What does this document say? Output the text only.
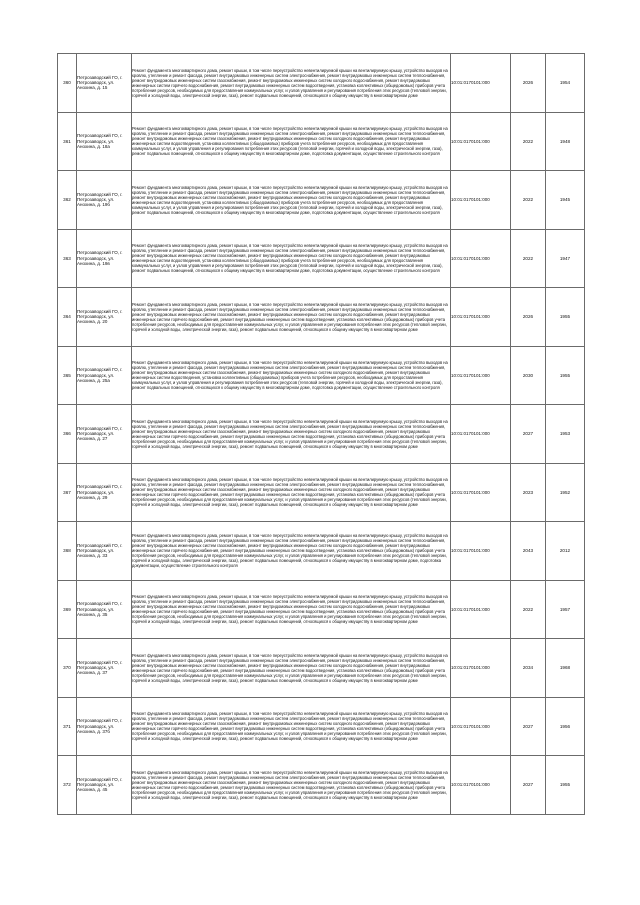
360	Петрозаводский ГО, г. Петрозаводск, ул. Анохина, д. 15	Ремонт фундамента многоквартирного дома, ремонт крыши, в том числе переустройство невентилируемой крыши на вентилируемую крышу, устройство выходов на кровлю, утепление и ремонт фасада, ремонт внутридомовых инженерных систем электроснабжения, ремонт внутридомовых инженерных систем теплоснабжения, ремонт внутридомовых инженерных систем газоснабжения, ремонт внутридомовых инженерных систем холодного водоснабжения, ремонт внутридомовых инженерных систем горячего водоснабжения, ремонт внутридомовых инженерных систем водоотведения, установка коллективных (общедомовых) приборов учета потребления ресурсов, необходимых для предоставления коммунальных услуг, и узлов управления и регулирования потребления этих ресурсов (тепловой энергии, горячей и холодной воды, электрической энергии, газа), ремонт подвальных помещений, относящихся к общему имуществу в многоквартирном доме	10:01:0170101:000	2026	1954
361	Петрозаводский ГО, г. Петрозаводск, ул. Анохина, д. 18а	Ремонт фундамента многоквартирного дома, ремонт крыши, в том числе переустройство невентилируемой крыши на вентилируемую крышу, устройство выходов на кровлю, утепление и ремонт фасада, ремонт внутридомовых инженерных систем электроснабжения, ремонт внутридомовых инженерных систем теплоснабжения, ремонт внутридомовых инженерных систем газоснабжения, ремонт внутридомовых инженерных систем холодного водоснабжения, ремонт внутридомовых инженерных систем водоотведения, установка коллективных (общедомовых) приборов учета потребления ресурсов, необходимых для предоставления коммунальных услуг, и узлов управления и регулирования потребления этих ресурсов (тепловой энергии, горячей и холодной воды, электрической энергии, газа), ремонт подвальных помещений, относящихся к общему имуществу в многоквартирном доме, подготовка документации, осуществление строительного контроля	10:01:0170101:000	2022	1948
362	Петрозаводский ГО, г. Петрозаводск, ул. Анохина, д. 19б	Ремонт фундамента многоквартирного дома, ремонт крыши, в том числе переустройство невентилируемой крыши на вентилируемую крышу, устройство выходов на кровлю, утепление и ремонт фасада, ремонт внутридомовых инженерных систем электроснабжения, ремонт внутридомовых инженерных систем теплоснабжения, ремонт внутридомовых инженерных систем газоснабжения, ремонт внутридомовых инженерных систем холодного водоснабжения, ремонт внутридомовых инженерных систем водоотведения, установка коллективных (общедомовых) приборов учета потребления ресурсов, необходимых для предоставления коммунальных услуг, и узлов управления и регулирования потребления этих ресурсов (тепловой энергии, горячей и холодной воды, электрической энергии, газа), ремонт подвальных помещений, относящихся к общему имуществу в многоквартирном доме, подготовка документации, осуществление строительного контроля	10:01:0170101:000	2022	1945
363	Петрозаводский ГО, г. Петрозаводск, ул. Анохина, д. 19в	Ремонт фундамента многоквартирного дома, ремонт крыши, в том числе переустройство невентилируемой крыши на вентилируемую крышу, устройство выходов на кровлю, утепление и ремонт фасада, ремонт внутридомовых инженерных систем электроснабжения, ремонт внутридомовых инженерных систем теплоснабжения, ремонт внутридомовых инженерных систем газоснабжения, ремонт внутридомовых инженерных систем холодного водоснабжения, ремонт внутридомовых инженерных систем водоотведения, установка коллективных (общедомовых) приборов учета потребления ресурсов, необходимых для предоставления коммунальных услуг, и узлов управления и регулирования потребления этих ресурсов (тепловой энергии, горячей и холодной воды, электрической энергии, газа), ремонт подвальных помещений, относящихся к общему имуществу в многоквартирном доме, подготовка документации, осуществление строительного контроля	10:01:0170101:000	2022	1947
364	Петрозаводский ГО, г. Петрозаводск, ул. Анохина, д. 20	Ремонт фундамента многоквартирного дома, ремонт крыши, в том числе переустройство невентилируемой крыши на вентилируемую крышу, устройство выходов на кровлю, утепление и ремонт фасада, ремонт внутридомовых инженерных систем электроснабжения, ремонт внутридомовых инженерных систем теплоснабжения, ремонт внутридомовых инженерных систем газоснабжения, ремонт внутридомовых инженерных систем холодного водоснабжения, ремонт внутридомовых инженерных систем горячего водоснабжения, ремонт внутридомовых инженерных систем водоотведения, установка коллективных (общедомовых) приборов учета потребления ресурсов, необходимых для предоставления коммунальных услуг, и узлов управления и регулирования потребления этих ресурсов (тепловой энергии, горячей и холодной воды, электрической энергии, газа), ремонт подвальных помещений, относящихся к общему имуществу в многоквартирном доме	10:01:0170101:000	2026	1955
365	Петрозаводский ГО, г. Петрозаводск, ул. Анохина, д. 25а	Ремонт фундамента многоквартирного дома, ремонт крыши, в том числе переустройство невентилируемой крыши на вентилируемую крышу, устройство выходов на кровлю, утепление и ремонт фасада, ремонт внутридомовых инженерных систем электроснабжения, ремонт внутридомовых инженерных систем теплоснабжения, ремонт внутридомовых инженерных систем газоснабжения, ремонт внутридомовых инженерных систем холодного водоснабжения, ремонт внутридомовых инженерных систем водоотведения, установка коллективных (общедомовых) приборов учета потребления ресурсов, необходимых для предоставления коммунальных услуг, и узлов управления и регулирования потребления этих ресурсов (тепловой энергии, горячей и холодной воды, электрической энергии, газа), ремонт подвальных помещений, относящихся к общему имуществу в многоквартирном доме, подготовка документации, осуществление строительного контроля	10:01:0170101:000	2030	1955
366	Петрозаводский ГО, г. Петрозаводск, ул. Анохина, д. 27	Ремонт фундамента многоквартирного дома, ремонт крыши, в том числе переустройство невентилируемой крыши на вентилируемую крышу, устройство выходов на кровлю, утепление и ремонт фасада, ремонт внутридомовых инженерных систем электроснабжения, ремонт внутридомовых инженерных систем теплоснабжения, ремонт внутридомовых инженерных систем газоснабжения, ремонт внутридомовых инженерных систем холодного водоснабжения, ремонт внутридомовых инженерных систем горячего водоснабжения, ремонт внутридомовых инженерных систем водоотведения, установка коллективных (общедомовых) приборов учета потребления ресурсов, необходимых для предоставления коммунальных услуг, и узлов управления и регулирования потребления этих ресурсов (тепловой энергии, горячей и холодной воды, электрической энергии, газа), ремонт подвальных помещений, относящихся к общему имуществу в многоквартирном доме	10:01:0170101:000	2027	1953
367	Петрозаводский ГО, г. Петрозаводск, ул. Анохина, д. 29	Ремонт фундамента многоквартирного дома, ремонт крыши, в том числе переустройство невентилируемой крыши на вентилируемую крышу, устройство выходов на кровлю, утепление и ремонт фасада, ремонт внутридомовых инженерных систем электроснабжения, ремонт внутридомовых инженерных систем теплоснабжения, ремонт внутридомовых инженерных систем газоснабжения, ремонт внутридомовых инженерных систем холодного водоснабжения, ремонт внутридомовых инженерных систем горячего водоснабжения, ремонт внутридомовых инженерных систем водоотведения, установка коллективных (общедомовых) приборов учета потребления ресурсов, необходимых для предоставления коммунальных услуг, и узлов управления и регулирования потребления этих ресурсов (тепловой энергии, горячей и холодной воды, электрической энергии, газа), ремонт подвальных помещений, относящихся к общему имуществу в многоквартирном доме	10:01:0170101:000	2023	1952
368	Петрозаводский ГО, г. Петрозаводск, ул. Анохина, д. 33	Ремонт фундамента многоквартирного дома, ремонт крыши, в том числе переустройство невентилируемой крыши на вентилируемую крышу, устройство выходов на кровлю, утепление и ремонт фасада, ремонт внутридомовых инженерных систем электроснабжения, ремонт внутридомовых инженерных систем теплоснабжения, ремонт внутридомовых инженерных систем газоснабжения, ремонт внутридомовых инженерных систем холодного водоснабжения, ремонт внутридомовых инженерных систем горячего водоснабжения, ремонт внутридомовых инженерных систем водоотведения, установка коллективных (общедомовых) приборов учета потребления ресурсов, необходимых для предоставления коммунальных услуг, и узлов управления и регулирования потребления этих ресурсов (тепловой энергии, горячей и холодной воды, электрической энергии, газа), ремонт подвальных помещений, относящихся к общему имуществу в многоквартирном доме, подготовка документации, осуществление строительного контроля	10:01:0170101:000	2043	2012
369	Петрозаводский ГО, г. Петрозаводск, ул. Анохина, д. 35	Ремонт фундамента многоквартирного дома, ремонт крыши, в том числе переустройство невентилируемой крыши на вентилируемую крышу, устройство выходов на кровлю, утепление и ремонт фасада, ремонт внутридомовых инженерных систем электроснабжения, ремонт внутридомовых инженерных систем теплоснабжения, ремонт внутридомовых инженерных систем газоснабжения, ремонт внутридомовых инженерных систем холодного водоснабжения, ремонт внутридомовых инженерных систем горячего водоснабжения, ремонт внутридомовых инженерных систем водоотведения, установка коллективных (общедомовых) приборов учета потребления ресурсов, необходимых для предоставления коммунальных услуг, и узлов управления и регулирования потребления этих ресурсов (тепловой энергии, горячей и холодной воды, электрической энергии, газа), ремонт подвальных помещений, относящихся к общему имуществу в многоквартирном доме	10:01:0170101:000	2022	1957
370	Петрозаводский ГО, г. Петрозаводск, ул. Анохина, д. 37	Ремонт фундамента многоквартирного дома, ремонт крыши, в том числе переустройство невентилируемой крыши на вентилируемую крышу, устройство выходов на кровлю, утепление и ремонт фасада, ремонт внутридомовых инженерных систем электроснабжения, ремонт внутридомовых инженерных систем теплоснабжения, ремонт внутридомовых инженерных систем газоснабжения, ремонт внутридомовых инженерных систем холодного водоснабжения, ремонт внутридомовых инженерных систем горячего водоснабжения, ремонт внутридомовых инженерных систем водоотведения, установка коллективных (общедомовых) приборов учета потребления ресурсов, необходимых для предоставления коммунальных услуг, и узлов управления и регулирования потребления этих ресурсов (тепловой энергии, горячей и холодной воды, электрической энергии, газа), ремонт подвальных помещений, относящихся к общему имуществу в многоквартирном доме	10:01:0170101:000	2034	1968
371	Петрозаводский ГО, г. Петрозаводск, ул. Анохина, д. 37б	Ремонт фундамента многоквартирного дома, ремонт крыши, в том числе переустройство невентилируемой крыши на вентилируемую крышу, устройство выходов на кровлю, утепление и ремонт фасада, ремонт внутридомовых инженерных систем электроснабжения, ремонт внутридомовых инженерных систем теплоснабжения, ремонт внутридомовых инженерных систем газоснабжения, ремонт внутридомовых инженерных систем холодного водоснабжения, ремонт внутридомовых инженерных систем горячего водоснабжения, ремонт внутридомовых инженерных систем водоотведения, установка коллективных (общедомовых) приборов учета потребления ресурсов, необходимых для предоставления коммунальных услуг, и узлов управления и регулирования потребления этих ресурсов (тепловой энергии, горячей и холодной воды, электрической энергии, газа), ремонт подвальных помещений, относящихся к общему имуществу в многоквартирном доме	10:01:0170101:000	2027	1956
372	Петрозаводский ГО, г. Петрозаводск, ул. Анохина, д. 45	Ремонт фундамента многоквартирного дома, ремонт крыши, в том числе переустройство невентилируемой крыши на вентилируемую крышу, устройство выходов на кровлю, утепление и ремонт фасада, ремонт внутридомовых инженерных систем электроснабжения, ремонт внутридомовых инженерных систем теплоснабжения, ремонт внутридомовых инженерных систем газоснабжения, ремонт внутридомовых инженерных систем холодного водоснабжения, ремонт внутридомовых инженерных систем горячего водоснабжения, ремонт внутридомовых инженерных систем водоотведения, установка коллективных (общедомовых) приборов учета потребления ресурсов, необходимых для предоставления коммунальных услуг, и узлов управления и регулирования потребления этих ресурсов (тепловой энергии, горячей и холодной воды, электрической энергии, газа), ремонт подвальных помещений, относящихся к общему имуществу в многоквартирном доме	10:01:0170101:000	2027	1955
